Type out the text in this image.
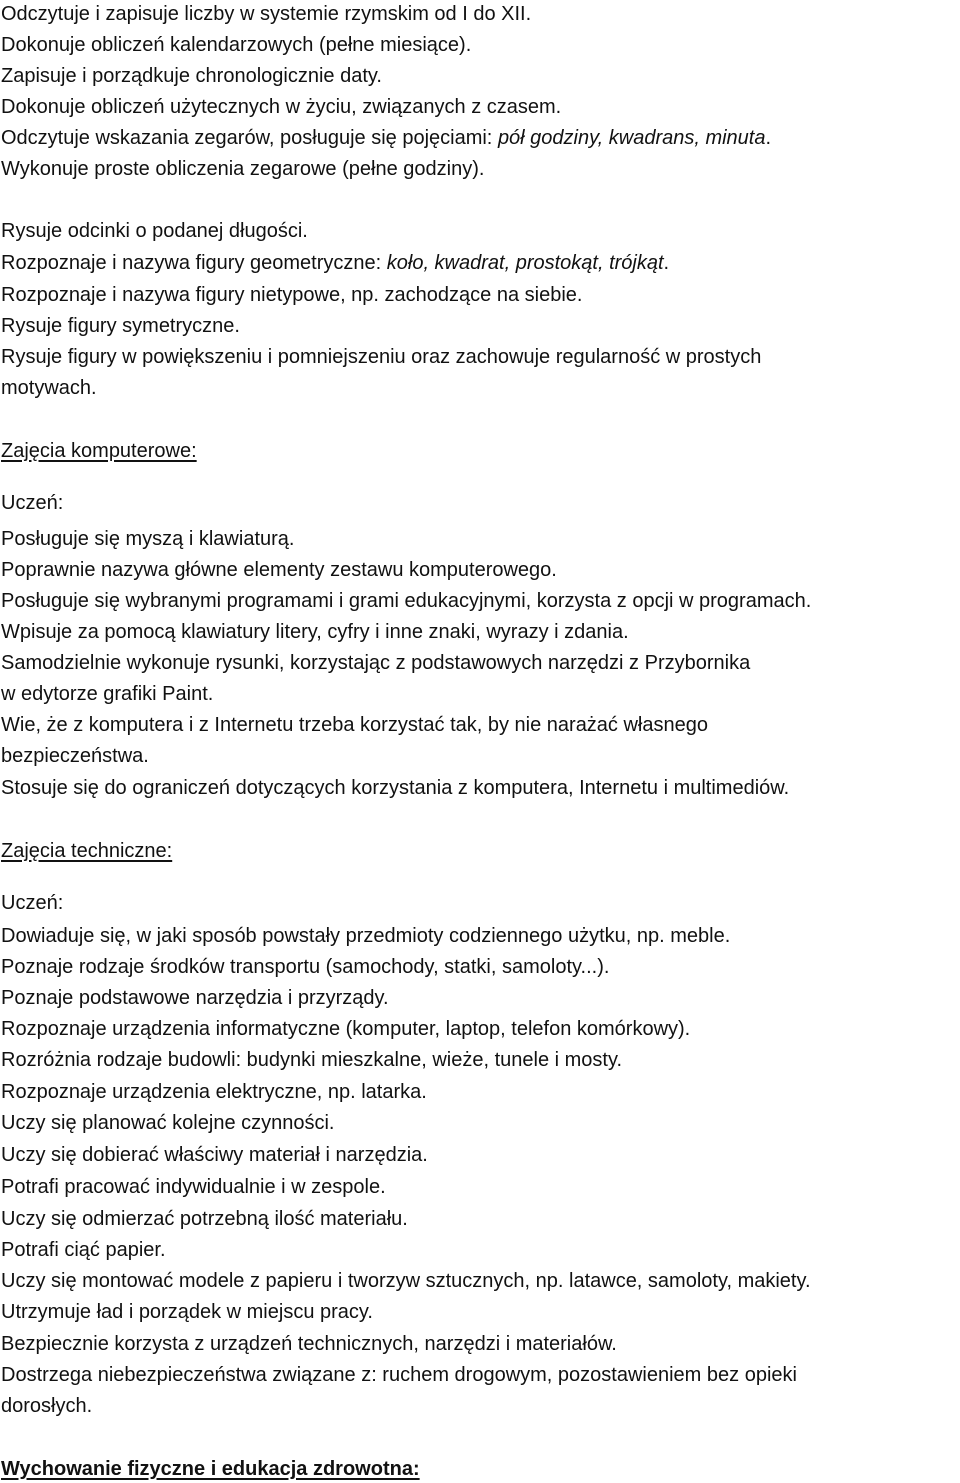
Odczytuje i zapisuje liczby w systemie rzymskim od I do XII.
Dokonuje obliczeń kalendarzowych (pełne miesiące).
Zapisuje i porządkuje chronologicznie daty.
Dokonuje obliczeń użytecznych w życiu, związanych z czasem.
Odczytuje wskazania zegarów, posługuje się pojęciami: pół godziny, kwadrans, minuta.
Wykonuje proste obliczenia zegarowe (pełne godziny).
Rysuje odcinki o podanej długości.
Rozpoznaje i nazywa figury geometryczne: koło, kwadrat, prostokąt, trójkąt.
Rozpoznaje i nazywa figury nietypowe, np. zachodzące na siebie.
Rysuje figury symetryczne.
Rysuje figury w powiększeniu i pomniejszeniu oraz zachowuje regularność w prostych
motywach.
Zajęcia komputerowe:
Uczeń:
Posługuje się myszą i klawiaturą.
Poprawnie nazywa główne elementy zestawu komputerowego.
Posługuje się wybranymi programami i grami edukacyjnymi, korzysta z opcji w programach.
Wpisuje za pomocą klawiatury litery, cyfry i inne znaki, wyrazy i zdania.
Samodzielnie wykonuje rysunki, korzystając z podstawowych narzędzi z Przybornika
w edytorze grafiki Paint.
Wie, że z komputera i z Internetu trzeba korzystać tak, by nie narażać własnego
bezpieczeństwa.
Stosuje się do ograniczeń dotyczących korzystania z komputera, Internetu i multimediów.
Zajęcia techniczne:
Uczeń:
Dowiaduje się, w jaki sposób powstały przedmioty codziennego użytku, np. meble.
Poznaje rodzaje środków transportu (samochody, statki, samoloty...).
Poznaje podstawowe narzędzia i przyrządy.
Rozpoznaje urządzenia informatyczne (komputer, laptop, telefon komórkowy).
Rozróżnia rodzaje budowli: budynki mieszkalne, wieże, tunele i mosty.
Rozpoznaje urządzenia elektryczne, np. latarka.
Uczy się planować kolejne czynności.
Uczy się dobierać właściwy materiał i narzędzia.
Potrafi pracować indywidualnie i w zespole.
Uczy się odmierzać potrzebną ilość materiału.
Potrafi ciąć papier.
Uczy się montować modele z papieru i tworzyw sztucznych, np. latawce, samoloty, makiety.
Utrzymuje ład i porządek w miejscu pracy.
Bezpiecznie korzysta z urządzeń technicznych, narzędzi i materiałów.
Dostrzega niebezpieczeństwa związane z: ruchem drogowym, pozostawieniem bez opieki
dorosłych.
Wychowanie fizyczne i edukacja zdrowotna:
